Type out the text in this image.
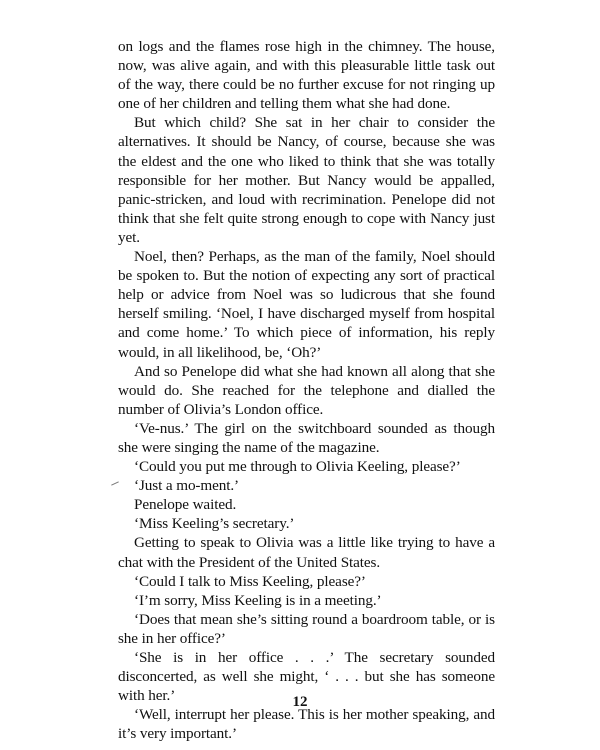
on logs and the flames rose high in the chimney. The house, now, was alive again, and with this pleasurable little task out of the way, there could be no further excuse for not ringing up one of her children and telling them what she had done.

But which child? She sat in her chair to consider the alternatives. It should be Nancy, of course, because she was the eldest and the one who liked to think that she was totally responsible for her mother. But Nancy would be appalled, panic-stricken, and loud with recrimination. Penelope did not think that she felt quite strong enough to cope with Nancy just yet.

Noel, then? Perhaps, as the man of the family, Noel should be spoken to. But the notion of expecting any sort of practical help or advice from Noel was so ludicrous that she found herself smiling. ‘Noel, I have discharged myself from hospital and come home.’ To which piece of information, his reply would, in all likelihood, be, ‘Oh?’

And so Penelope did what she had known all along that she would do. She reached for the telephone and dialled the number of Olivia’s London office.

‘Ve-nus.’ The girl on the switchboard sounded as though she were singing the name of the magazine.

‘Could you put me through to Olivia Keeling, please?’

‘Just a mo-ment.’

Penelope waited.

‘Miss Keeling’s secretary.’

Getting to speak to Olivia was a little like trying to have a chat with the President of the United States.

‘Could I talk to Miss Keeling, please?’

‘I’m sorry, Miss Keeling is in a meeting.’

‘Does that mean she’s sitting round a boardroom table, or is she in her office?’

‘She is in her office . . .’ The secretary sounded disconcerted, as well she might, ‘ . . . but she has someone with her.’

‘Well, interrupt her please. This is her mother speaking, and it’s very important.’

12
